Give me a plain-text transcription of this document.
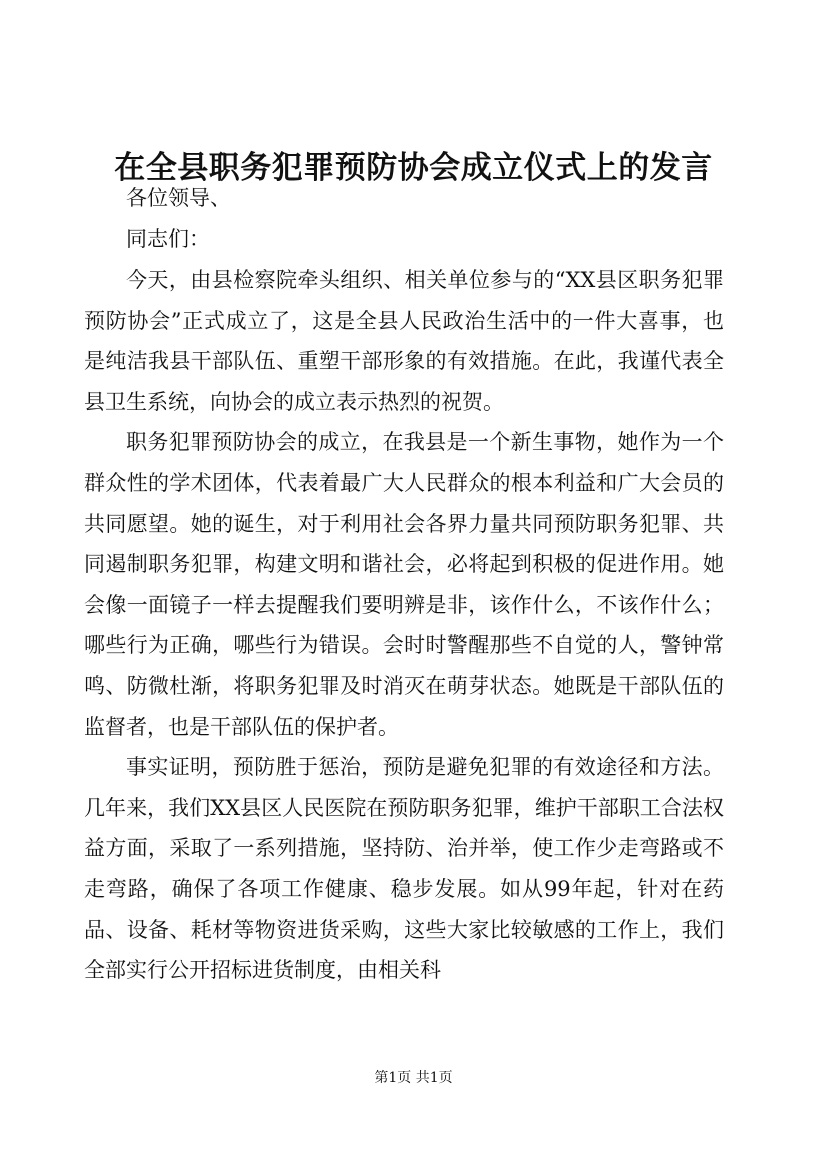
在全县职务犯罪预防协会成立仪式上的发言

各位领导、

同志们：

今天，由县检察院牵头组织、相关单位参与的“XX县区职务犯罪预防协会”正式成立了，这是全县人民政治生活中的一件大喜事，也是纯洁我县干部队伍、重塑干部形象的有效措施。在此，我谨代表全县卫生系统，向协会的成立表示热烈的祝贺。

职务犯罪预防协会的成立，在我县是一个新生事物，她作为一个群众性的学术团体，代表着最广大人民群众的根本利益和广大会员的共同愿望。她的诞生，对于利用社会各界力量共同预防职务犯罪、共同遏制职务犯罪，构建文明和谐社会，必将起到积极的促进作用。她会像一面镜子一样去提醒我们要明辨是非，该作什么，不该作什么；哪些行为正确，哪些行为错误。会时时警醒那些不自觉的人，警钟常鸣、防微杜渐，将职务犯罪及时消灭在萌芽状态。她既是干部队伍的监督者，也是干部队伍的保护者。

事实证明，预防胜于惩治，预防是避免犯罪的有效途径和方法。几年来，我们XX县区人民医院在预防职务犯罪，维护干部职工合法权益方面，采取了一系列措施，坚持防、治并举，使工作少走弯路或不走弯路，确保了各项工作健康、稳步发展。如从99年起，针对在药品、设备、耗材等物资进货采购，这些大家比较敏感的工作上，我们全部实行公开招标进货制度，由相关科

第1页 共1页
